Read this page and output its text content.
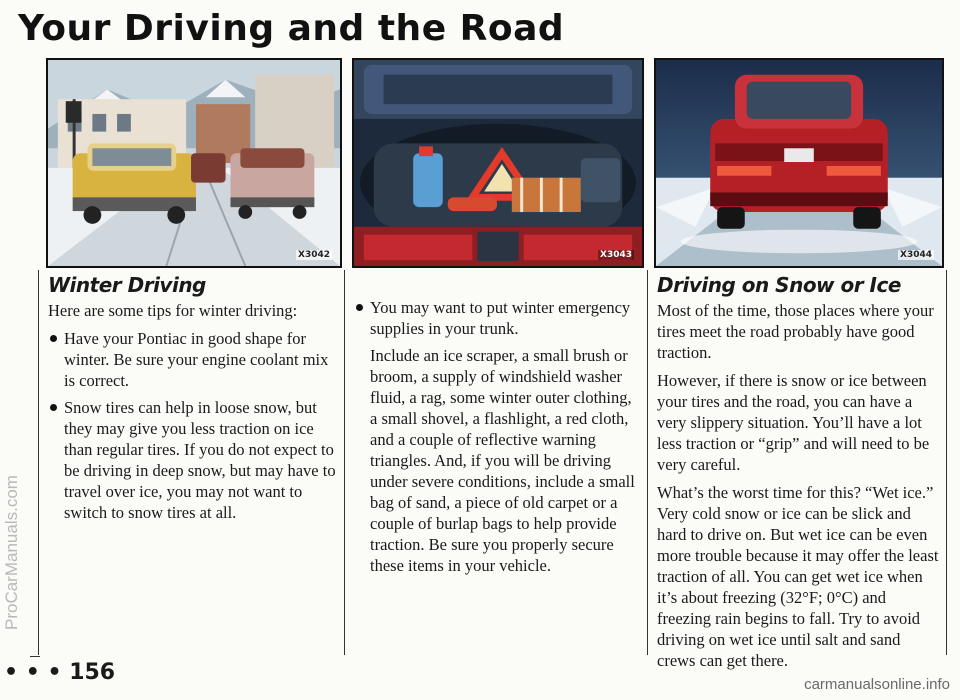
Your Driving and the Road
X3042	X3043	X3044
Winter Driving

Here are some tips for winter driving:

Have your Pontiac in good shape for winter. Be sure your engine coolant mix is correct.
Snow tires can help in loose snow, but they may give you less traction on ice than regular tires. If you do not expect to be driving in deep snow, but may have to travel over ice, you may not want to switch to snow tires at all.
You may want to put winter emergency supplies in your trunk.

Include an ice scraper, a small brush or broom, a supply of windshield washer fluid, a rag, some winter outer clothing, a small shovel, a flashlight, a red cloth, and a couple of reflective warning triangles. And, if you will be driving under severe conditions, include a small bag of sand, a piece of old carpet or a couple of burlap bags to help provide traction. Be sure you properly secure these items in your vehicle.

Driving on Snow or Ice

Most of the time, those places where your tires meet the road probably have good traction.

However, if there is snow or ice between your tires and the road, you can have a very slippery situation. You’ll have a lot less traction or “grip” and will need to be very careful.

What’s the worst time for this? “Wet ice.” Very cold snow or ice can be slick and hard to drive on. But wet ice can be even more trouble because it may offer the least traction of all. You can get wet ice when it’s about freezing (32°F; 0°C) and freezing rain begins to fall. Try to avoid driving on wet ice until salt and sand crews can get there.

• • • 156
ProCarManuals.com
carmanualsonline.info
